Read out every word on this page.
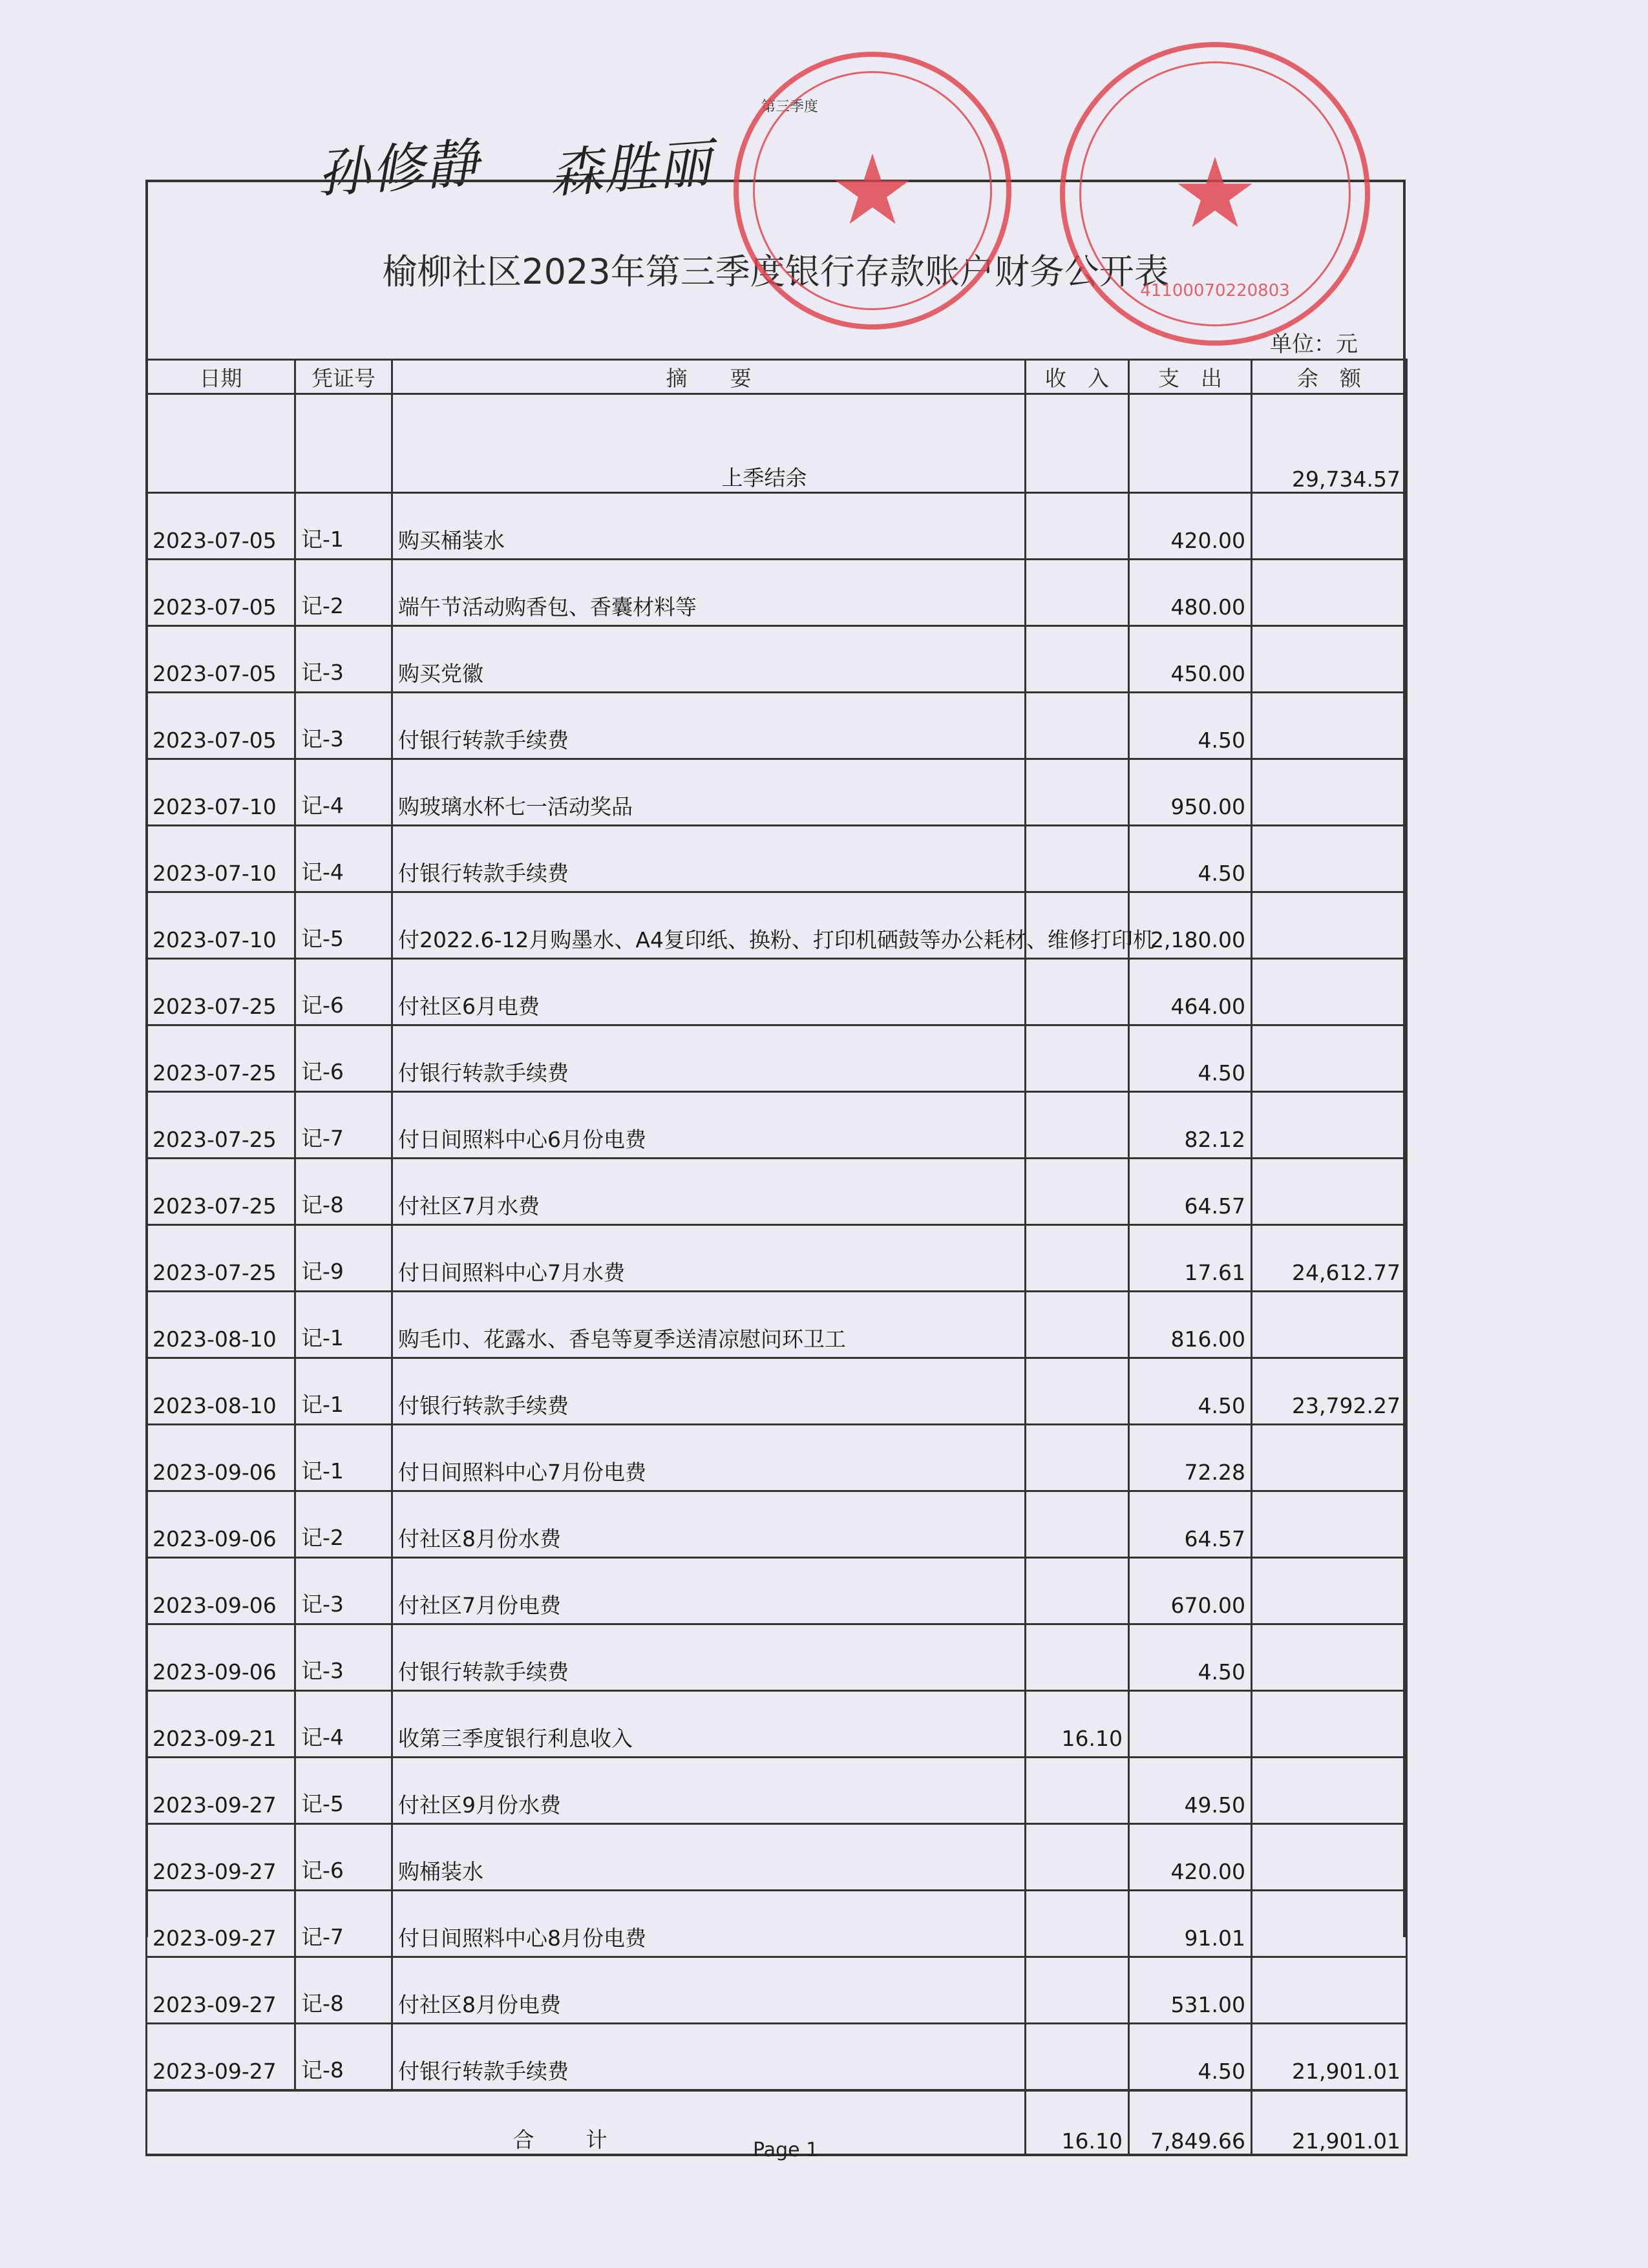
第三季度
孙修静 森胜丽
榆柳社区2023年第三季度银行存款账户财务公开表
单位：元
日期	凭证号	摘　　要	收　入	支　出	余　额
		上季结余			29,734.57
2023-07-05	记-1	购买桶装水		420.00	
2023-07-05	记-2	端午节活动购香包、香囊材料等		480.00	
2023-07-05	记-3	购买党徽		450.00	
2023-07-05	记-3	付银行转款手续费		4.50	
2023-07-10	记-4	购玻璃水杯七一活动奖品		950.00	
2023-07-10	记-4	付银行转款手续费		4.50	
2023-07-10	记-5	付2022.6-12月购墨水、A4复印纸、换粉、打印机硒鼓等办公耗材、维修打印机		2,180.00	
2023-07-25	记-6	付社区6月电费		464.00	
2023-07-25	记-6	付银行转款手续费		4.50	
2023-07-25	记-7	付日间照料中心6月份电费		82.12	
2023-07-25	记-8	付社区7月水费		64.57	
2023-07-25	记-9	付日间照料中心7月水费		17.61	24,612.77
2023-08-10	记-1	购毛巾、花露水、香皂等夏季送清凉慰问环卫工		816.00	
2023-08-10	记-1	付银行转款手续费		4.50	23,792.27
2023-09-06	记-1	付日间照料中心7月份电费		72.28	
2023-09-06	记-2	付社区8月份水费		64.57	
2023-09-06	记-3	付社区7月份电费		670.00	
2023-09-06	记-3	付银行转款手续费		4.50	
2023-09-21	记-4	收第三季度银行利息收入	16.10		
2023-09-27	记-5	付社区9月份水费		49.50	
2023-09-27	记-6	购桶装水		420.00	
2023-09-27	记-7	付日间照料中心8月份电费		91.01	
2023-09-27	记-8	付社区8月份电费		531.00	
2023-09-27	记-8	付银行转款手续费		4.50	21,901.01
合计			16.10	7,849.66	21,901.01
★	★
41100070220803
Page 1
